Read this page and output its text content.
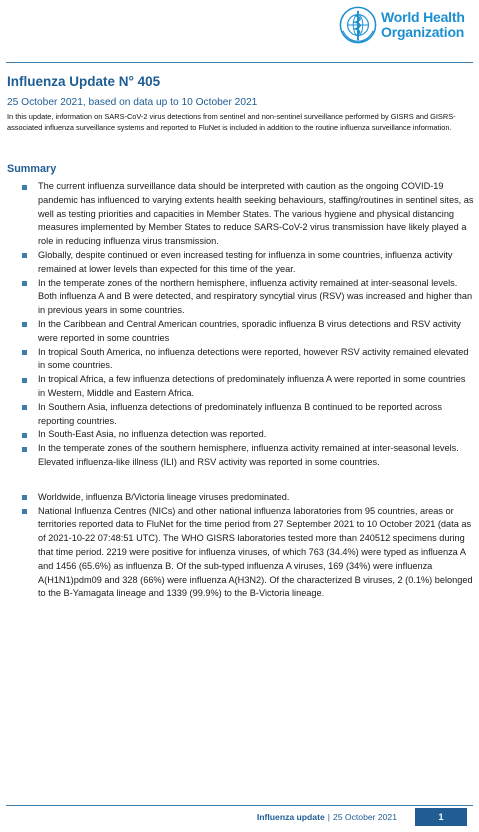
World Health
Organization
Influenza Update N° 405
25 October 2021, based on data up to 10 October 2021
In this update, information on SARS-CoV-2 virus detections from sentinel and non-sentinel surveillance performed by GISRS and GISRS-associated influenza surveillance systems and reported to FluNet is included in addition to the routine influenza surveillance information.
Summary
The current influenza surveillance data should be interpreted with caution as the ongoing COVID-19 pandemic has influenced to varying extents health seeking behaviours, staffing/routines in sentinel sites, as well as testing priorities and capacities in Member States. The various hygiene and physical distancing measures implemented by Member States to reduce SARS-CoV-2 virus transmission have likely played a role in reducing influenza virus transmission.
Globally, despite continued or even increased testing for influenza in some countries, influenza activity remained at lower levels than expected for this time of the year.
In the temperate zones of the northern hemisphere, influenza activity remained at inter-seasonal levels. Both influenza A and B were detected, and respiratory syncytial virus (RSV) was increased and higher than in previous years in some countries.
In the Caribbean and Central American countries, sporadic influenza B virus detections and RSV activity were reported in some countries
In tropical South America, no influenza detections were reported, however RSV activity remained elevated in some countries.
In tropical Africa, a few influenza detections of predominately influenza A were reported in some countries in Western, Middle and Eastern Africa.
In Southern Asia, influenza detections of predominately influenza B continued to be reported across reporting countries.
In South-East Asia, no influenza detection was reported.
In the temperate zones of the southern hemisphere, influenza activity remained at inter-seasonal levels. Elevated influenza-like illness (ILI) and RSV activity was reported in some countries.
Worldwide, influenza B/Victoria lineage viruses predominated.
National Influenza Centres (NICs) and other national influenza laboratories from 95 countries, areas or territories reported data to FluNet for the time period from 27 September 2021 to 10 October 2021 (data as of 2021-10-22 07:48:51 UTC). The WHO GISRS laboratories tested more than 240512 specimens during that time period. 2219 were positive for influenza viruses, of which 763 (34.4%) were typed as influenza A and 1456 (65.6%) as influenza B. Of the sub-typed influenza A viruses, 169 (34%) were influenza A(H1N1)pdm09 and 328 (66%) were influenza A(H3N2). Of the characterized B viruses, 2 (0.1%) belonged to the B-Yamagata lineage and 1339 (99.9%) to the B-Victoria lineage.
Influenza update | 25 October 2021	1
